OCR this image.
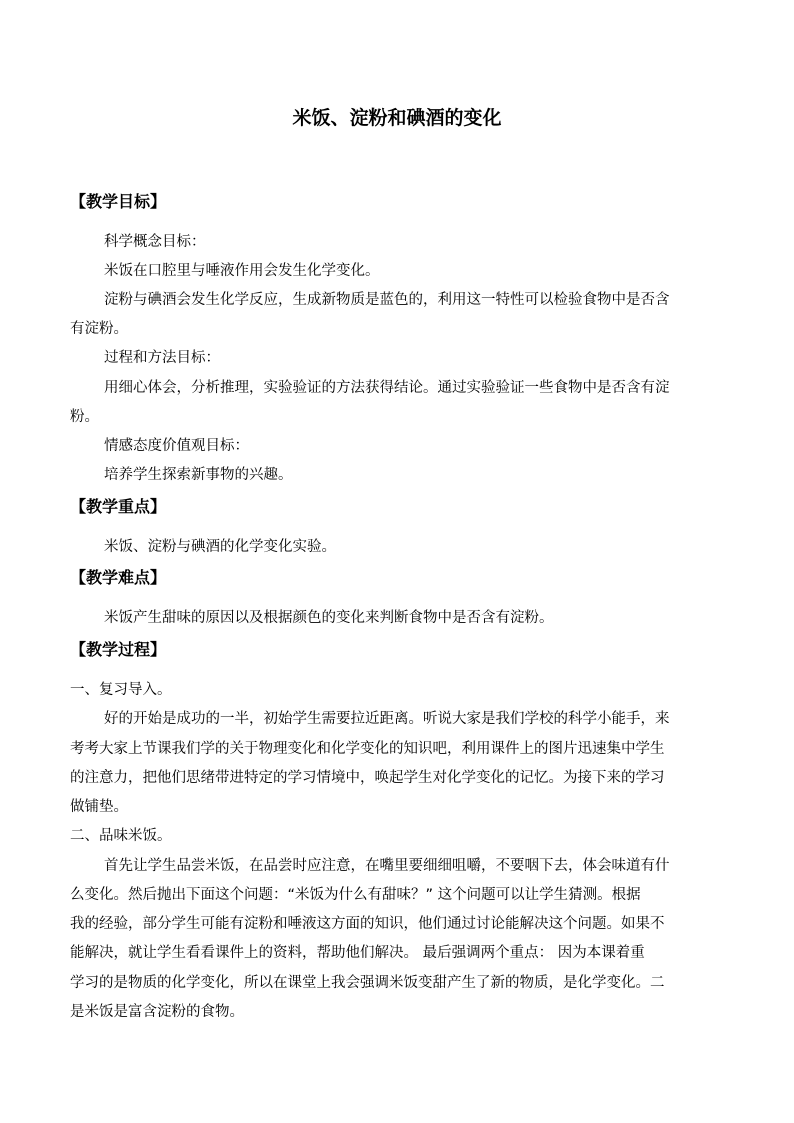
米饭、淀粉和碘酒的变化
【教学目标】
科学概念目标：
米饭在口腔里与唾液作用会发生化学变化。
淀粉与碘酒会发生化学反应，生成新物质是蓝色的，利用这一特性可以检验食物中是否含
有淀粉。
过程和方法目标：
用细心体会，分析推理，实验验证的方法获得结论。通过实验验证一些食物中是否含有淀
粉。
情感态度价值观目标：
培养学生探索新事物的兴趣。
【教学重点】
米饭、淀粉与碘酒的化学变化实验。
【教学难点】
米饭产生甜味的原因以及根据颜色的变化来判断食物中是否含有淀粉。
【教学过程】
一、复习导入。
好的开始是成功的一半，初始学生需要拉近距离。听说大家是我们学校的科学小能手，来
考考大家上节课我们学的关于物理变化和化学变化的知识吧，利用课件上的图片迅速集中学生
的注意力，把他们思绪带进特定的学习情境中，唤起学生对化学变化的记忆。为接下来的学习
做铺垫。
二、品味米饭。
首先让学生品尝米饭，在品尝时应注意，在嘴里要细细咀嚼，不要咽下去，体会味道有什
么变化。然后抛出下面这个问题：“米饭为什么有甜味？” 这个问题可以让学生猜测。根据
我的经验，部分学生可能有淀粉和唾液这方面的知识，他们通过讨论能解决这个问题。如果不
能解决，就让学生看看课件上的资料，帮助他们解决。 最后强调两个重点： 因为本课着重
学习的是物质的化学变化，所以在课堂上我会强调米饭变甜产生了新的物质，是化学变化。二
是米饭是富含淀粉的食物。
